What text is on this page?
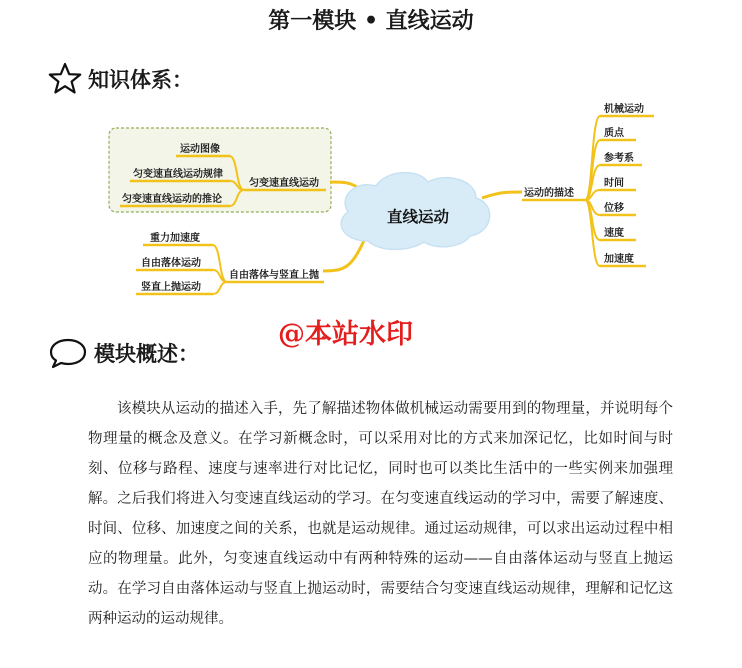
第一模块 • 直线运动
知识体系：
直线运动
匀变速直线运动
运动图像
匀变速直线运动规律
匀变速直线运动的推论
自由落体与竖直上抛
重力加速度
自由落体运动
竖直上抛运动
运动的描述
机械运动
质点
参考系
时间
位移
速度
加速度
@本站水印
模块概述：
该模块从运动的描述入手，先了解描述物体做机械运动需要用到的物理量，并说明每个物理量的概念及意义。在学习新概念时，可以采用对比的方式来加深记忆，比如时间与时刻、位移与路程、速度与速率进行对比记忆，同时也可以类比生活中的一些实例来加强理解。之后我们将进入匀变速直线运动的学习。在匀变速直线运动的学习中，需要了解速度、时间、位移、加速度之间的关系，也就是运动规律。通过运动规律，可以求出运动过程中相应的物理量。此外，匀变速直线运动中有两种特殊的运动——自由落体运动与竖直上抛运动。在学习自由落体运动与竖直上抛运动时，需要结合匀变速直线运动规律，理解和记忆这两种运动的运动规律。
